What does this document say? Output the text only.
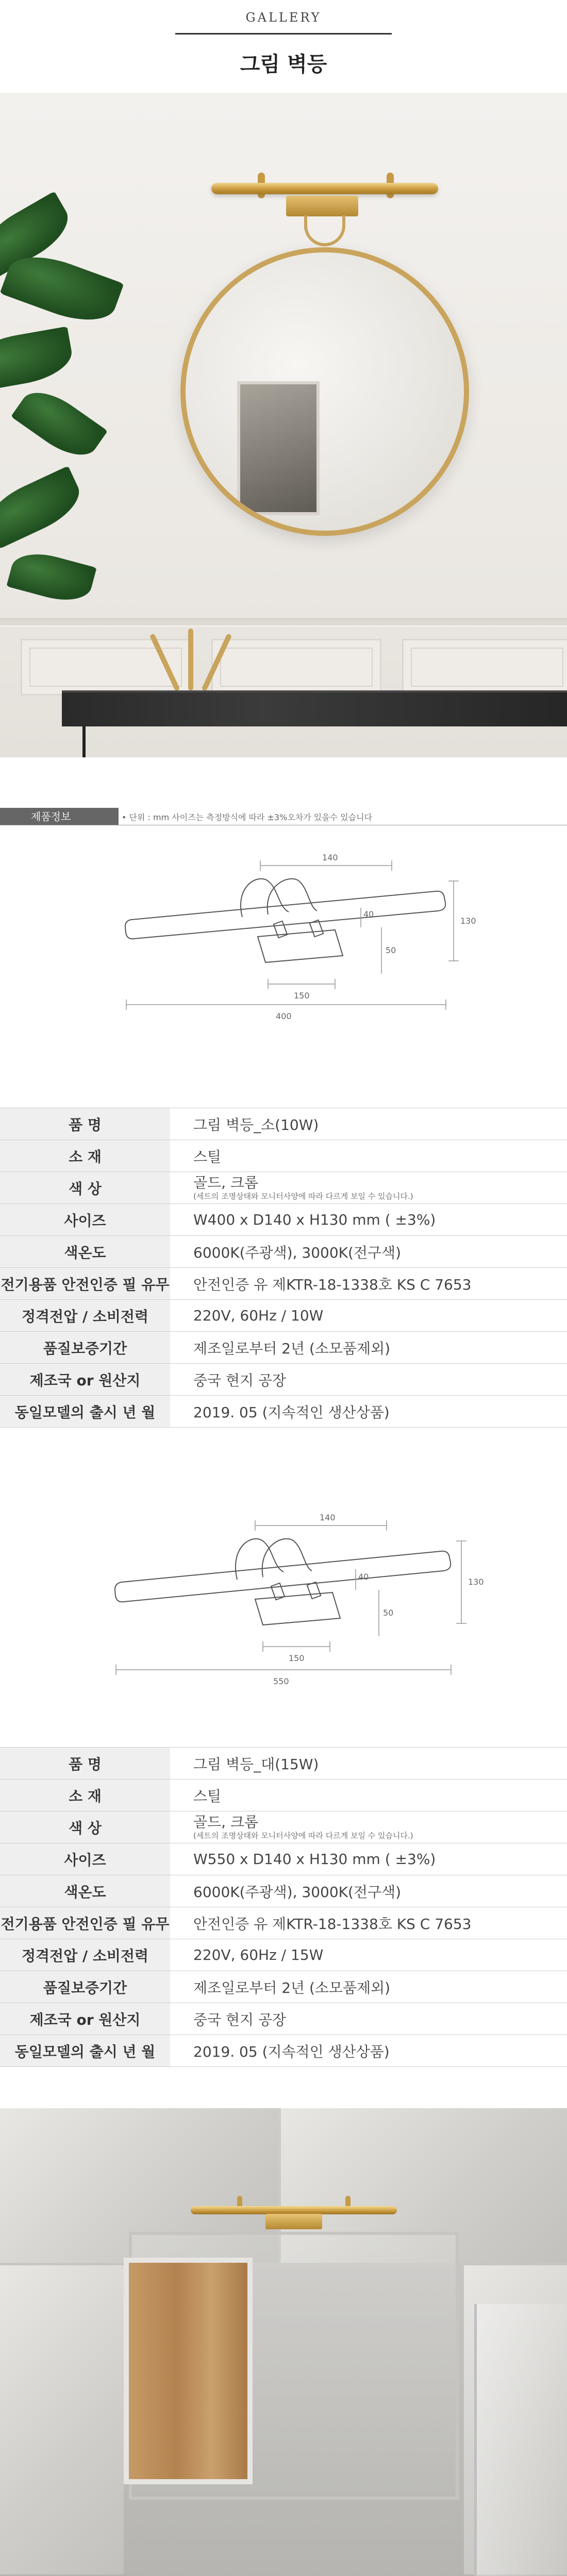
GALLERY
그림 벽등
제품정보	• 단위 : mm 사이즈는 측정방식에 따라 ±3%오차가 있을수 있습니다
140
130
40
50
150
400
품 명	그림 벽등_소(10W)
소 재	스틸
색 상	골드, 크롬
(세트의 조명상태와 모니터사양에 따라 다르게 보일 수 있습니다.)

사이즈	W400 x D140 x H130 mm ( ±3%)
색온도	6000K(주광색), 3000K(전구색)
전기용품 안전인증 필 유무	안전인증 유 제KTR-18-1338호 KS C 7653
정격전압 / 소비전력	220V, 60Hz / 10W
품질보증기간	제조일로부터 2년 (소모품제외)
제조국 or 원산지	중국 현지 공장
동일모델의 출시 년 월	2019. 05 (지속적인 생산상품)
140
130
40
50
150
550
품 명	그림 벽등_대(15W)
소 재	스틸
색 상	골드, 크롬
(세트의 조명상태와 모니터사양에 따라 다르게 보일 수 있습니다.)

사이즈	W550 x D140 x H130 mm ( ±3%)
색온도	6000K(주광색), 3000K(전구색)
전기용품 안전인증 필 유무	안전인증 유 제KTR-18-1338호 KS C 7653
정격전압 / 소비전력	220V, 60Hz / 15W
품질보증기간	제조일로부터 2년 (소모품제외)
제조국 or 원산지	중국 현지 공장
동일모델의 출시 년 월	2019. 05 (지속적인 생산상품)
